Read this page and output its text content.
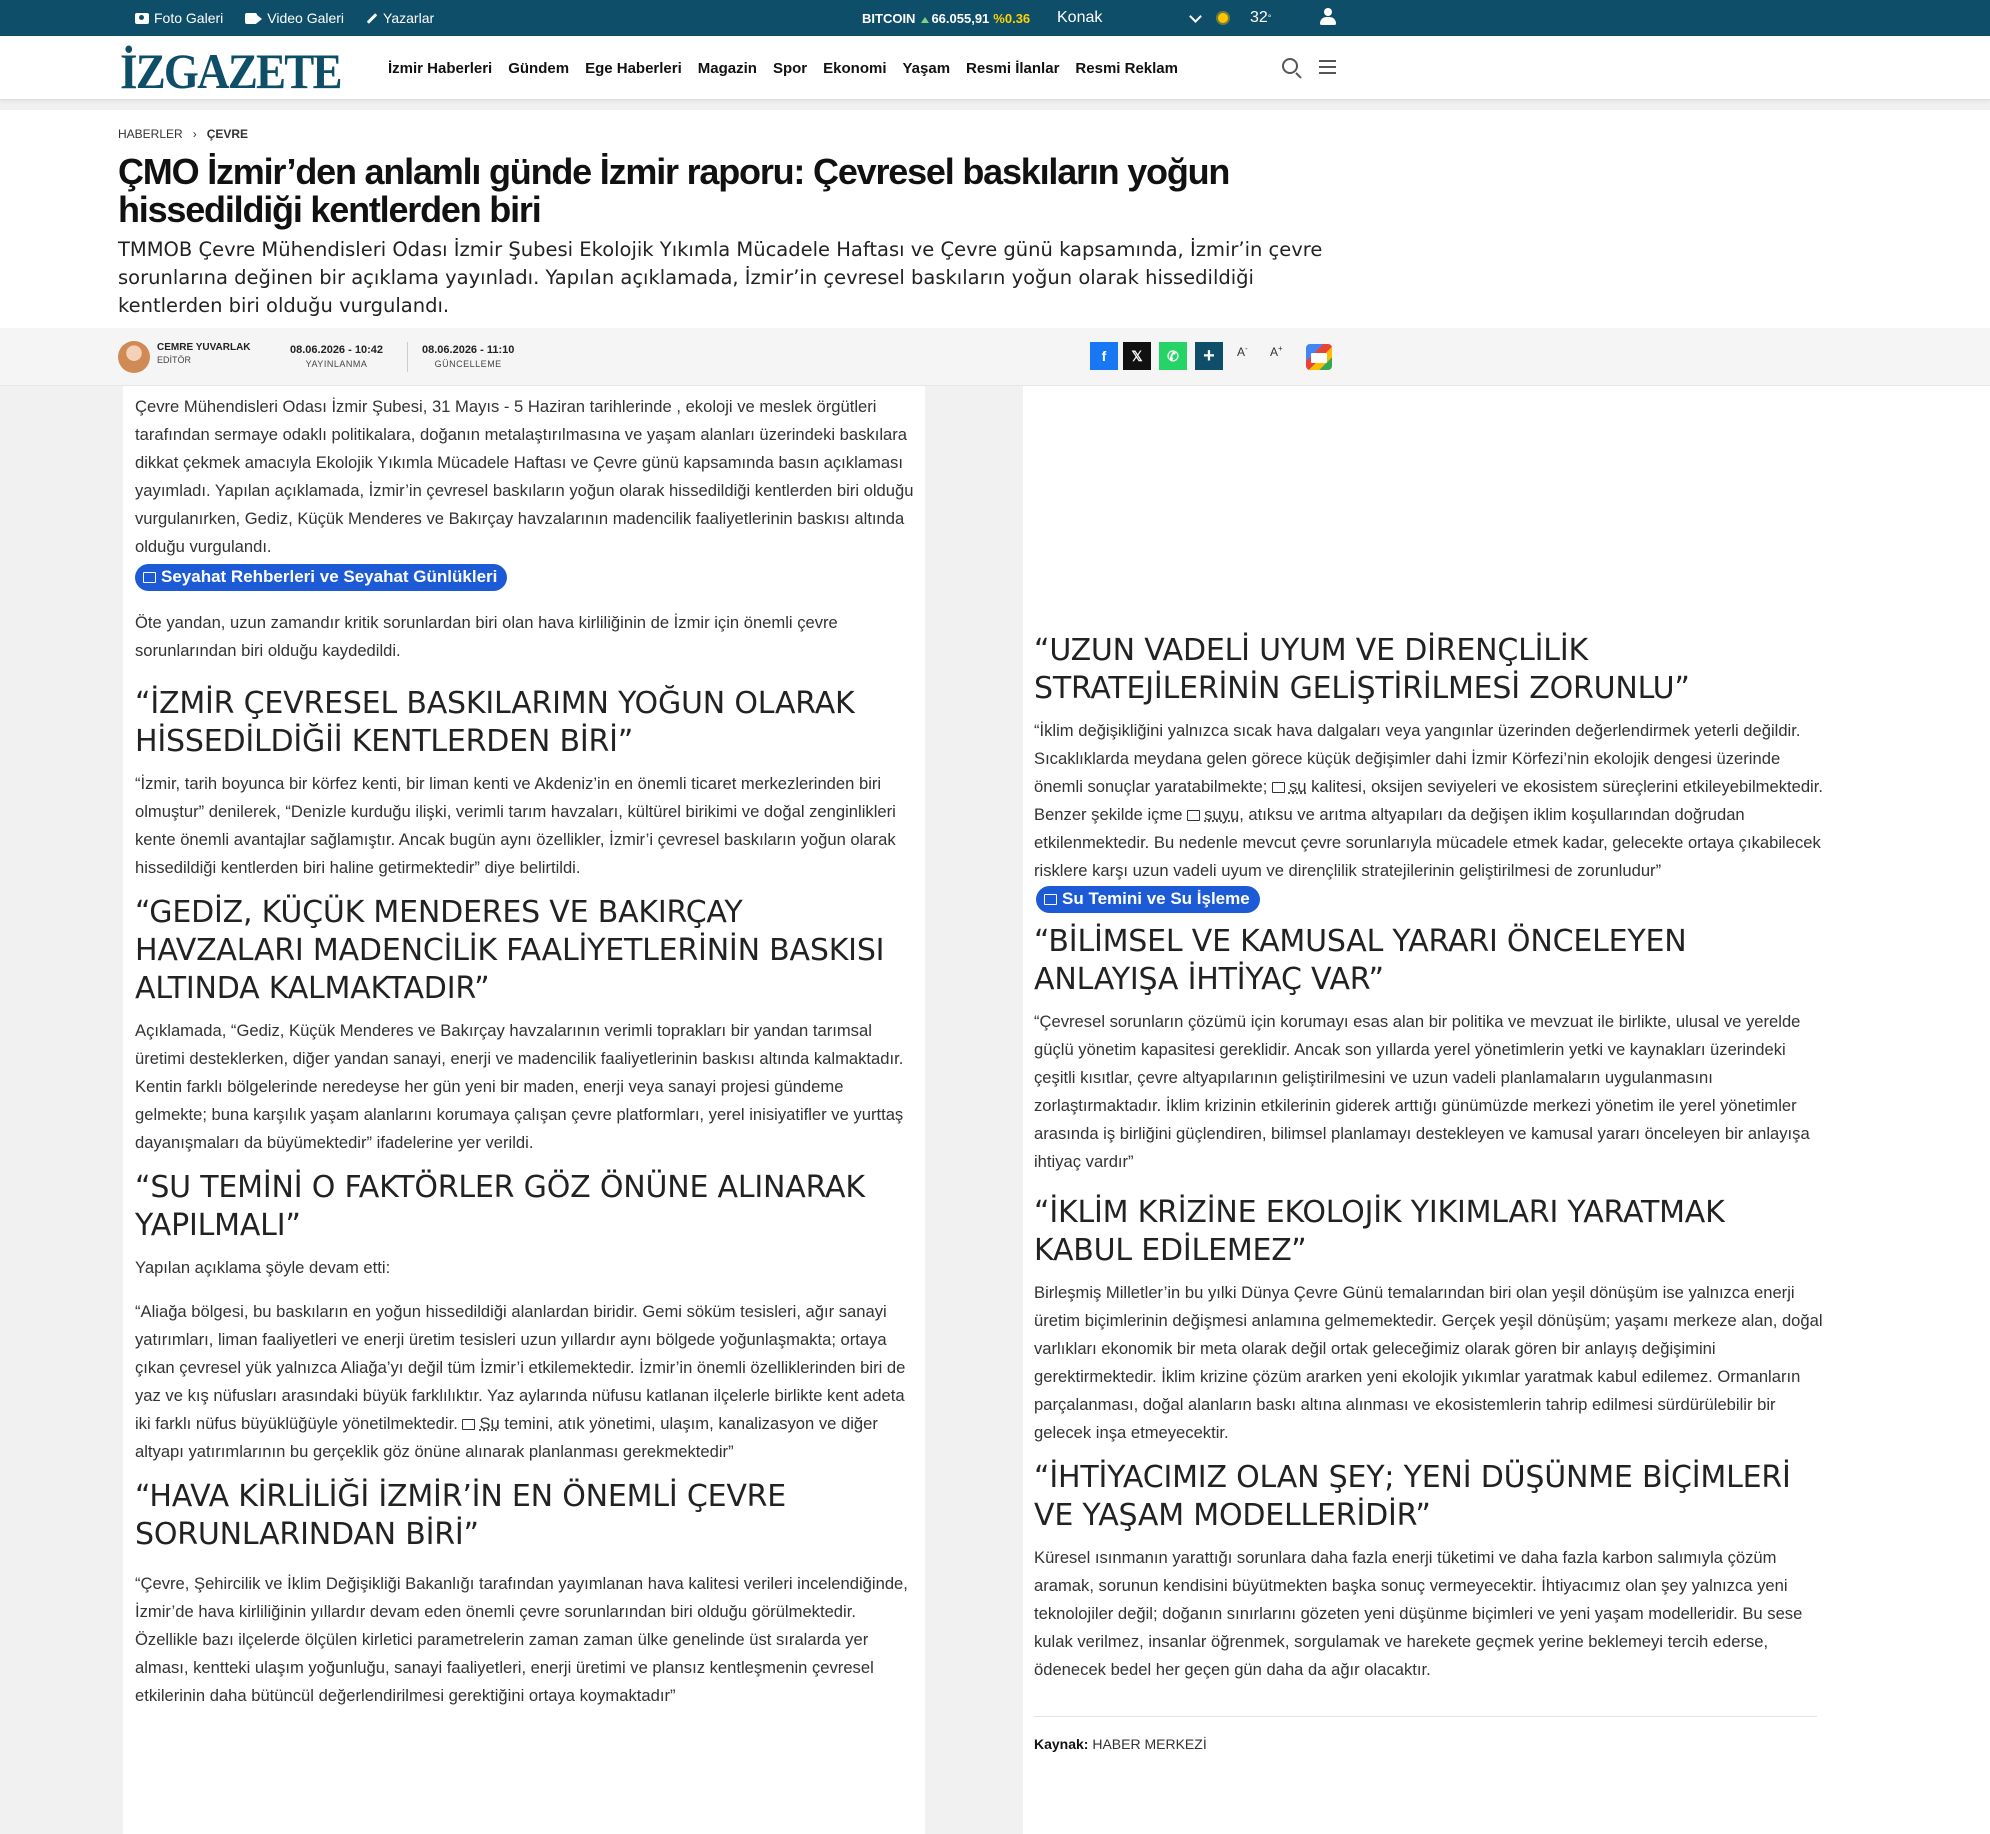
Foto Galeri	Video Galeri	Yazarlar	BITCOIN	66.055,91 %0.36 Konak	32 °
İZGAZETE	İzmir Haberleri Gündem Ege Haberleri Magazin Spor Ekonomi Yaşam Resmi İlanlar Resmi Reklam
HABERLER › ÇEVRE
ÇMO İzmir’den anlamlı günde İzmir raporu: Çevresel baskıların yoğun hissedildiği kentlerden biri
TMMOB Çevre Mühendisleri Odası İzmir Şubesi Ekolojik Yıkımla Mücadele Haftası ve Çevre günü kapsamında, İzmir’in çevre sorunlarına değinen bir açıklama yayınladı. Yapılan açıklamada, İzmir’in çevresel baskıların yoğun olarak hissedildiği kentlerden biri olduğu vurgulandı.
CEMRE YUVARLAK
EDİTÖR
08.06.2026 - 10:42
YAYINLANMA
08.06.2026 - 11:10
GÜNCELLEME	f 𝕏 ✆ + A- A+

Çevre Mühendisleri Odası İzmir Şubesi, 31 Mayıs - 5 Haziran tarihlerinde , ekoloji ve meslek örgütleri tarafından sermaye odaklı politikalara, doğanın metalaştırılmasına ve yaşam alanları üzerindeki baskılara dikkat çekmek amacıyla Ekolojik Yıkımla Mücadele Haftası ve Çevre günü kapsamında basın açıklaması yayımladı. Yapılan açıklamada, İzmir’in çevresel baskıların yoğun olarak hissedildiği kentlerden biri olduğu vurgulanırken, Gediz, Küçük Menderes ve Bakırçay havzalarının madencilik faaliyetlerinin baskısı altında olduğu vurgulandı.

Seyahat Rehberleri ve Seyahat Günlükleri

Öte yandan, uzun zamandır kritik sorunlardan biri olan hava kirliliğinin de İzmir için önemli çevre sorunlarından biri olduğu kaydedildi.

“İZMİR ÇEVRESEL BASKILARIMN YOĞUN OLARAK HİSSEDİLDİĞİİ KENTLERDEN BİRİ”

“İzmir, tarih boyunca bir körfez kenti, bir liman kenti ve Akdeniz’in en önemli ticaret merkezlerinden biri olmuştur” denilerek, “Denizle kurduğu ilişki, verimli tarım havzaları, kültürel birikimi ve doğal zenginlikleri kente önemli avantajlar sağlamıştır. Ancak bugün aynı özellikler, İzmir’i çevresel baskıların yoğun olarak hissedildiği kentlerden biri haline getirmektedir” diye belirtildi.

“GEDİZ, KÜÇÜK MENDERES VE BAKIRÇAY HAVZALARI MADENCİLİK FAALİYETLERİNİN BASKISI ALTINDA KALMAKTADIR”

Açıklamada, “Gediz, Küçük Menderes ve Bakırçay havzalarının verimli toprakları bir yandan tarımsal üretimi desteklerken, diğer yandan sanayi, enerji ve madencilik faaliyetlerinin baskısı altında kalmaktadır. Kentin farklı bölgelerinde neredeyse her gün yeni bir maden, enerji veya sanayi projesi gündeme gelmekte; buna karşılık yaşam alanlarını korumaya çalışan çevre platformları, yerel inisiyatifler ve yurttaş dayanışmaları da büyümektedir” ifadelerine yer verildi.

“SU TEMİNİ O FAKTÖRLER GÖZ ÖNÜNE ALINARAK YAPILMALI”

Yapılan açıklama şöyle devam etti:

“Aliağa bölgesi, bu baskıların en yoğun hissedildiği alanlardan biridir. Gemi söküm tesisleri, ağır sanayi yatırımları, liman faaliyetleri ve enerji üretim tesisleri uzun yıllardır aynı bölgede yoğunlaşmakta; ortaya çıkan çevresel yük yalnızca Aliağa’yı değil tüm İzmir’i etkilemektedir. İzmir’in önemli özelliklerinden biri de yaz ve kış nüfusları arasındaki büyük farklılıktır. Yaz aylarında nüfusu katlanan ilçelerle birlikte kent adeta iki farklı nüfus büyüklüğüyle yönetilmektedir. Su temini, atık yönetimi, ulaşım, kanalizasyon ve diğer altyapı yatırımlarının bu gerçeklik göz önüne alınarak planlanması gerekmektedir”

“HAVA KİRLİLİĞİ İZMİR’İN EN ÖNEMLİ ÇEVRE SORUNLARINDAN BİRİ”

“Çevre, Şehircilik ve İklim Değişikliği Bakanlığı tarafından yayımlanan hava kalitesi verileri incelendiğinde, İzmir’de hava kirliliğinin yıllardır devam eden önemli çevre sorunlarından biri olduğu görülmektedir. Özellikle bazı ilçelerde ölçülen kirletici parametrelerin zaman zaman ülke genelinde üst sıralarda yer alması, kentteki ulaşım yoğunluğu, sanayi faaliyetleri, enerji üretimi ve plansız kentleşmenin çevresel etkilerinin daha bütüncül değerlendirilmesi gerektiğini ortaya koymaktadır”

“UZUN VADELİ UYUM VE DİRENÇLİLİK STRATEJİLERİNİN GELİŞTİRİLMESİ ZORUNLU”

“İklim değişikliğini yalnızca sıcak hava dalgaları veya yangınlar üzerinden değerlendirmek yeterli değildir. Sıcaklıklarda meydana gelen görece küçük değişimler dahi İzmir Körfezi’nin ekolojik dengesi üzerinde önemli sonuçlar yaratabilmekte; su kalitesi, oksijen seviyeleri ve ekosistem süreçlerini etkileyebilmektedir. Benzer şekilde içme suyu, atıksu ve arıtma altyapıları da değişen iklim koşullarından doğrudan etkilenmektedir. Bu nedenle mevcut çevre sorunlarıyla mücadele etmek kadar, gelecekte ortaya çıkabilecek risklere karşı uzun vadeli uyum ve dirençlilik stratejilerinin geliştirilmesi de zorunludur”Su Temini ve Su İşleme

“BİLİMSEL VE KAMUSAL YARARI ÖNCELEYEN ANLAYIŞA İHTİYAÇ VAR”

“Çevresel sorunların çözümü için korumayı esas alan bir politika ve mevzuat ile birlikte, ulusal ve yerelde güçlü yönetim kapasitesi gereklidir. Ancak son yıllarda yerel yönetimlerin yetki ve kaynakları üzerindeki çeşitli kısıtlar, çevre altyapılarının geliştirilmesini ve uzun vadeli planlamaların uygulanmasını zorlaştırmaktadır. İklim krizinin etkilerinin giderek arttığı günümüzde merkezi yönetim ile yerel yönetimler arasında iş birliğini güçlendiren, bilimsel planlamayı destekleyen ve kamusal yararı önceleyen bir anlayışa ihtiyaç vardır”

“İKLİM KRİZİNE EKOLOJİK YIKIMLARI YARATMAK KABUL EDİLEMEZ”

Birleşmiş Milletler’in bu yılki Dünya Çevre Günü temalarından biri olan yeşil dönüşüm ise yalnızca enerji üretim biçimlerinin değişmesi anlamına gelmemektedir. Gerçek yeşil dönüşüm; yaşamı merkeze alan, doğal varlıkları ekonomik bir meta olarak değil ortak geleceğimiz olarak gören bir anlayış değişimini gerektirmektedir. İklim krizine çözüm ararken yeni ekolojik yıkımlar yaratmak kabul edilemez. Ormanların parçalanması, doğal alanların baskı altına alınması ve ekosistemlerin tahrip edilmesi sürdürülebilir bir gelecek inşa etmeyecektir.

“İHTİYACIMIZ OLAN ŞEY; YENİ DÜŞÜNME BİÇİMLERİ VE YAŞAM MODELLERİDİR”

Küresel ısınmanın yarattığı sorunlara daha fazla enerji tüketimi ve daha fazla karbon salımıyla çözüm aramak, sorunun kendisini büyütmekten başka sonuç vermeyecektir. İhtiyacımız olan şey yalnızca yeni teknolojiler değil; doğanın sınırlarını gözeten yeni düşünme biçimleri ve yeni yaşam modelleridir. Bu sese kulak verilmez, insanlar öğrenmek, sorgulamak ve harekete geçmek yerine beklemeyi tercih ederse, ödenecek bedel her geçen gün daha da ağır olacaktır.

Kaynak: HABER MERKEZİ
